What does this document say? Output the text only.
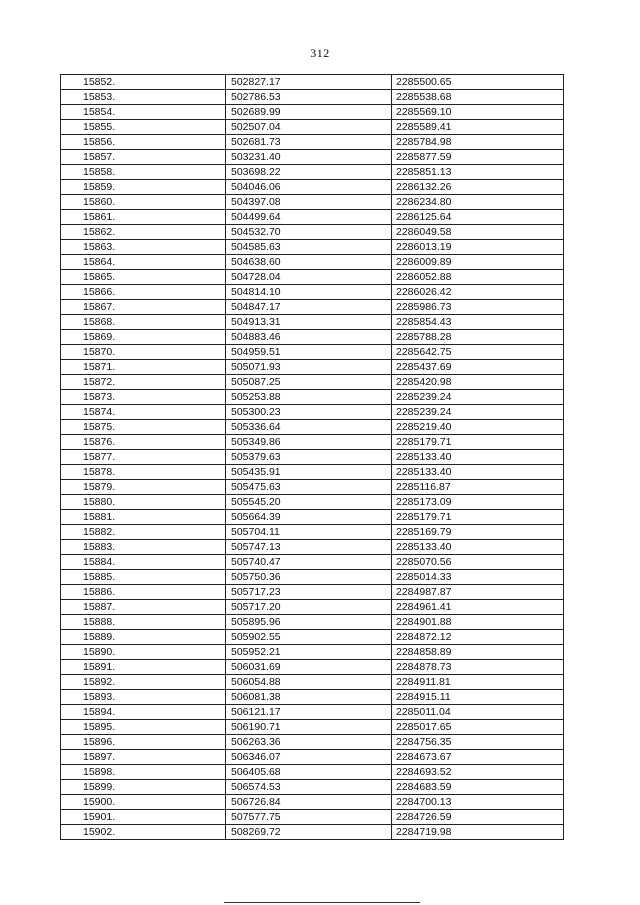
312
15852.	502827.17	2285500.65
15853.	502786.53	2285538.68
15854.	502689.99	2285569.10
15855.	502507.04	2285589.41
15856.	502681.73	2285784.98
15857.	503231.40	2285877.59
15858.	503698.22	2285851.13
15859.	504046.06	2286132.26
15860.	504397.08	2286234.80
15861.	504499.64	2286125.64
15862.	504532.70	2286049.58
15863.	504585.63	2286013.19
15864.	504638.60	2286009.89
15865.	504728.04	2286052.88
15866.	504814.10	2286026.42
15867.	504847.17	2285986.73
15868.	504913.31	2285854.43
15869.	504883.46	2285788.28
15870.	504959.51	2285642.75
15871.	505071.93	2285437.69
15872.	505087.25	2285420.98
15873.	505253.88	2285239.24
15874.	505300.23	2285239.24
15875.	505336.64	2285219.40
15876.	505349.86	2285179.71
15877.	505379.63	2285133.40
15878.	505435.91	2285133.40
15879.	505475.63	2285116.87
15880.	505545.20	2285173.09
15881.	505664.39	2285179.71
15882.	505704.11	2285169.79
15883.	505747.13	2285133.40
15884.	505740.47	2285070.56
15885.	505750.36	2285014.33
15886.	505717.23	2284987.87
15887.	505717.20	2284961.41
15888.	505895.96	2284901.88
15889.	505902.55	2284872.12
15890.	505952.21	2284858.89
15891.	506031.69	2284878.73
15892.	506054.88	2284911.81
15893.	506081.38	2284915.11
15894.	506121.17	2285011.04
15895.	506190.71	2285017.65
15896.	506263.36	2284756.35
15897.	506346.07	2284673.67
15898.	506405.68	2284693.52
15899.	506574.53	2284683.59
15900.	506726.84	2284700.13
15901.	507577.75	2284726.59
15902.	508269.72	2284719.98
